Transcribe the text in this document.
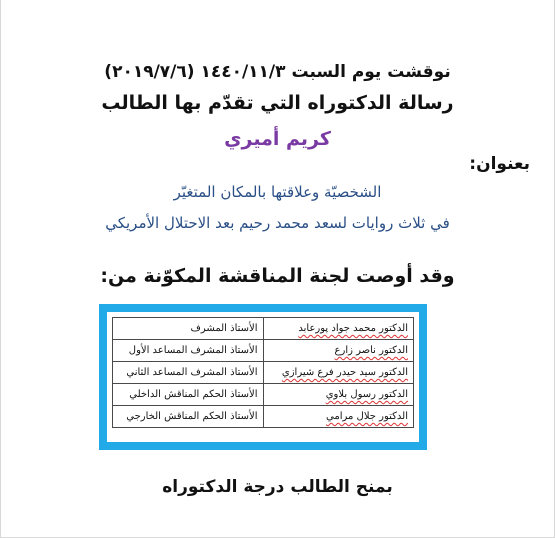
نوقشت يوم السبت ١٤٤٠/١١/٣ (٢٠١٩/٧/٦)
رسالة الدكتوراه التي تقدّم بها الطالب
كريم أميري
بعنوان:
الشخصيّة وعلاقتها بالمكان المتغيّر
في ثلاث روايات لسعد محمد رحيم بعد الاحتلال الأمريكي
وقد أوصت لجنة المناقشة المكوّنة من:
بمنح الطالب درجة الدكتوراه
الدكتور محمد جواد پورعابد	الأستاذ المشرف
الدكتور ناصر زارع	الأستاذ المشرف المساعد الأول
الدكتور سيد حيدر فرع شيرازي	الأستاذ المشرف المساعد الثاني
الدكتور رسول بلاوي	الأستاذ الحكم المناقش الداخلي
الدكتور جلال مرامي	الأستاذ الحكم المناقش الخارجي
